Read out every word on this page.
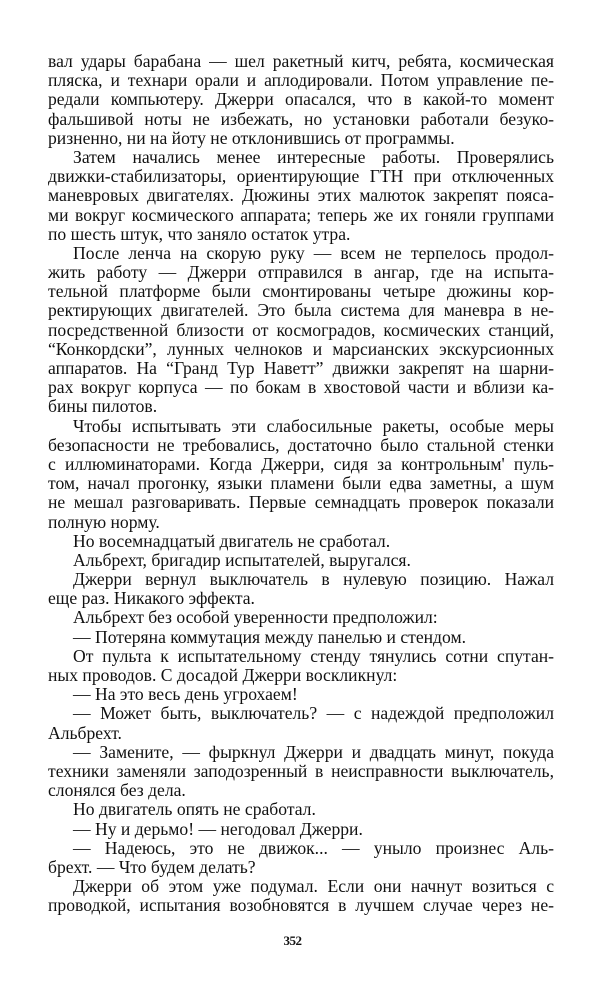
вал удары барабана — шел ракетный китч, ребята, космическая
пляска, и технари орали и аплодировали. Потом управление пе-
редали компьютеру. Джерри опасался, что в какой-то момент
фальшивой ноты не избежать, но установки работали безуко-
ризненно, ни на йоту не отклонившись от программы.
Затем начались менее интересные работы. Проверялись
движки-стабилизаторы, ориентирующие ГТН при отключенных
маневровых двигателях. Дюжины этих малюток закрепят пояса-
ми вокруг космического аппарата; теперь же их гоняли группами
по шесть штук, что заняло остаток утра.
После ленча на скорую руку — всем не терпелось продол-
жить работу — Джерри отправился в ангар, где на испыта-
тельной платформе были смонтированы четыре дюжины кор-
ректирующих двигателей. Это была система для маневра в не-
посредственной близости от космоградов, космических станций,
“Конкордски”, лунных челноков и марсианских экскурсионных
аппаратов. На “Гранд Тур Наветт” движки закрепят на шарни-
рах вокруг корпуса — по бокам в хвостовой части и вблизи ка-
бины пилотов.
Чтобы испытывать эти слабосильные ракеты, особые меры
безопасности не требовались, достаточно было стальной стенки
с иллюминаторами. Когда Джерри, сидя за контрольным' пуль-
том, начал прогонку, языки пламени были едва заметны, а шум
не мешал разговаривать. Первые семнадцать проверок показали
полную норму.
Но восемнадцатый двигатель не сработал.
Альбрехт, бригадир испытателей, выругался.
Джерри вернул выключатель в нулевую позицию. Нажал
еще раз. Никакого эффекта.
Альбрехт без особой уверенности предположил:
— Потеряна коммутация между панелью и стендом.
От пульта к испытательному стенду тянулись сотни спутан-
ных проводов. С досадой Джерри воскликнул:
— На это весь день угрохаем!
— Может быть, выключатель? — с надеждой предположил
Альбрехт.
— Замените, — фыркнул Джерри и двадцать минут, покуда
техники заменяли заподозренный в неисправности выключатель,
слонялся без дела.
Но двигатель опять не сработал.
— Ну и дерьмо! — негодовал Джерри.
— Надеюсь, это не движок... — уныло произнес Аль-
брехт. — Что будем делать?
Джерри об этом уже подумал. Если они начнут возиться с
проводкой, испытания возобновятся в лучшем случае через не-
352
